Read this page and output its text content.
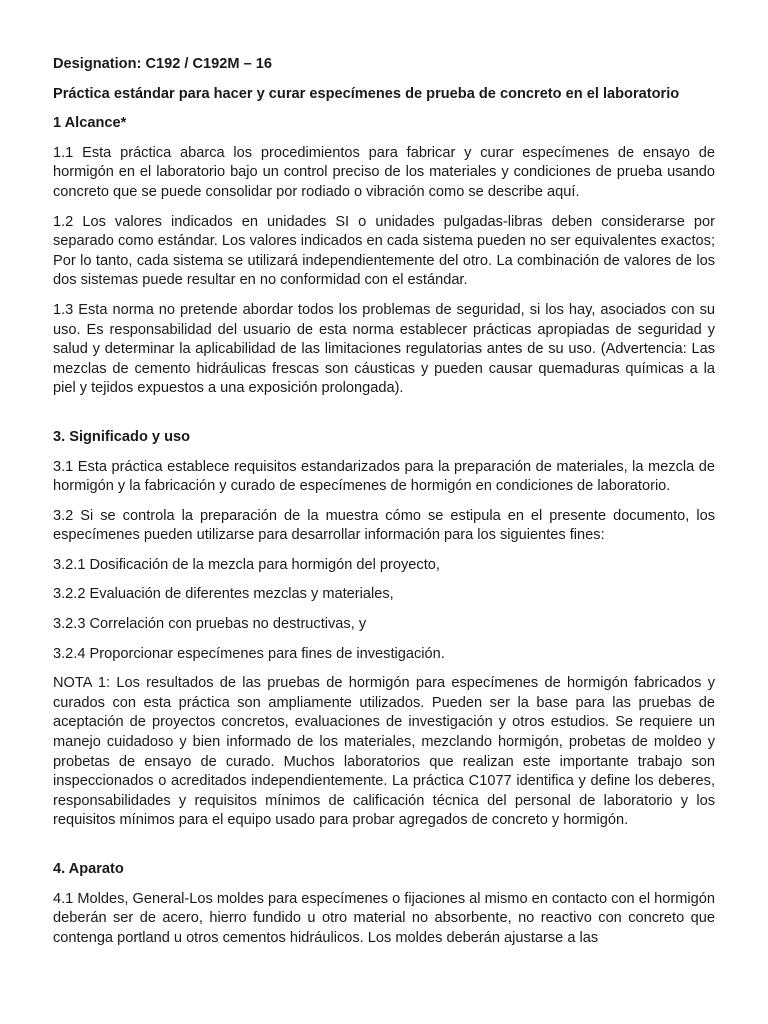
Designation: C192 / C192M – 16

Práctica estándar para hacer y curar especímenes de prueba de concreto en el laboratorio

1 Alcance*

1.1 Esta práctica abarca los procedimientos para fabricar y curar especímenes de ensayo de hormigón en el laboratorio bajo un control preciso de los materiales y condiciones de prueba usando concreto que se puede consolidar por rodiado o vibración como se describe aquí.

1.2 Los valores indicados en unidades SI o unidades pulgadas-libras deben considerarse por separado como estándar. Los valores indicados en cada sistema pueden no ser equivalentes exactos; Por lo tanto, cada sistema se utilizará independientemente del otro. La combinación de valores de los dos sistemas puede resultar en no conformidad con el estándar.

1.3 Esta norma no pretende abordar todos los problemas de seguridad, si los hay, asociados con su uso. Es responsabilidad del usuario de esta norma establecer prácticas apropiadas de seguridad y salud y determinar la aplicabilidad de las limitaciones regulatorias antes de su uso. (Advertencia: Las mezclas de cemento hidráulicas frescas son cáusticas y pueden causar quemaduras químicas a la piel y tejidos expuestos a una exposición prolongada).

3. Significado y uso

3.1 Esta práctica establece requisitos estandarizados para la preparación de materiales, la mezcla de hormigón y la fabricación y curado de especímenes de hormigón en condiciones de laboratorio.

3.2 Si se controla la preparación de la muestra cómo se estipula en el presente documento, los especímenes pueden utilizarse para desarrollar información para los siguientes fines:

3.2.1 Dosificación de la mezcla para hormigón del proyecto,

3.2.2 Evaluación de diferentes mezclas y materiales,

3.2.3 Correlación con pruebas no destructivas, y

3.2.4 Proporcionar especímenes para fines de investigación.

NOTA 1: Los resultados de las pruebas de hormigón para especímenes de hormigón fabricados y curados con esta práctica son ampliamente utilizados. Pueden ser la base para las pruebas de aceptación de proyectos concretos, evaluaciones de investigación y otros estudios. Se requiere un manejo cuidadoso y bien informado de los materiales, mezclando hormigón, probetas de moldeo y probetas de ensayo de curado. Muchos laboratorios que realizan este importante trabajo son inspeccionados o acreditados independientemente. La práctica C1077 identifica y define los deberes, responsabilidades y requisitos mínimos de calificación técnica del personal de laboratorio y los requisitos mínimos para el equipo usado para probar agregados de concreto y hormigón.

4. Aparato

4.1 Moldes, General-Los moldes para especímenes o fijaciones al mismo en contacto con el hormigón deberán ser de acero, hierro fundido u otro material no absorbente, no reactivo con concreto que contenga portland u otros cementos hidráulicos. Los moldes deberán ajustarse a las
